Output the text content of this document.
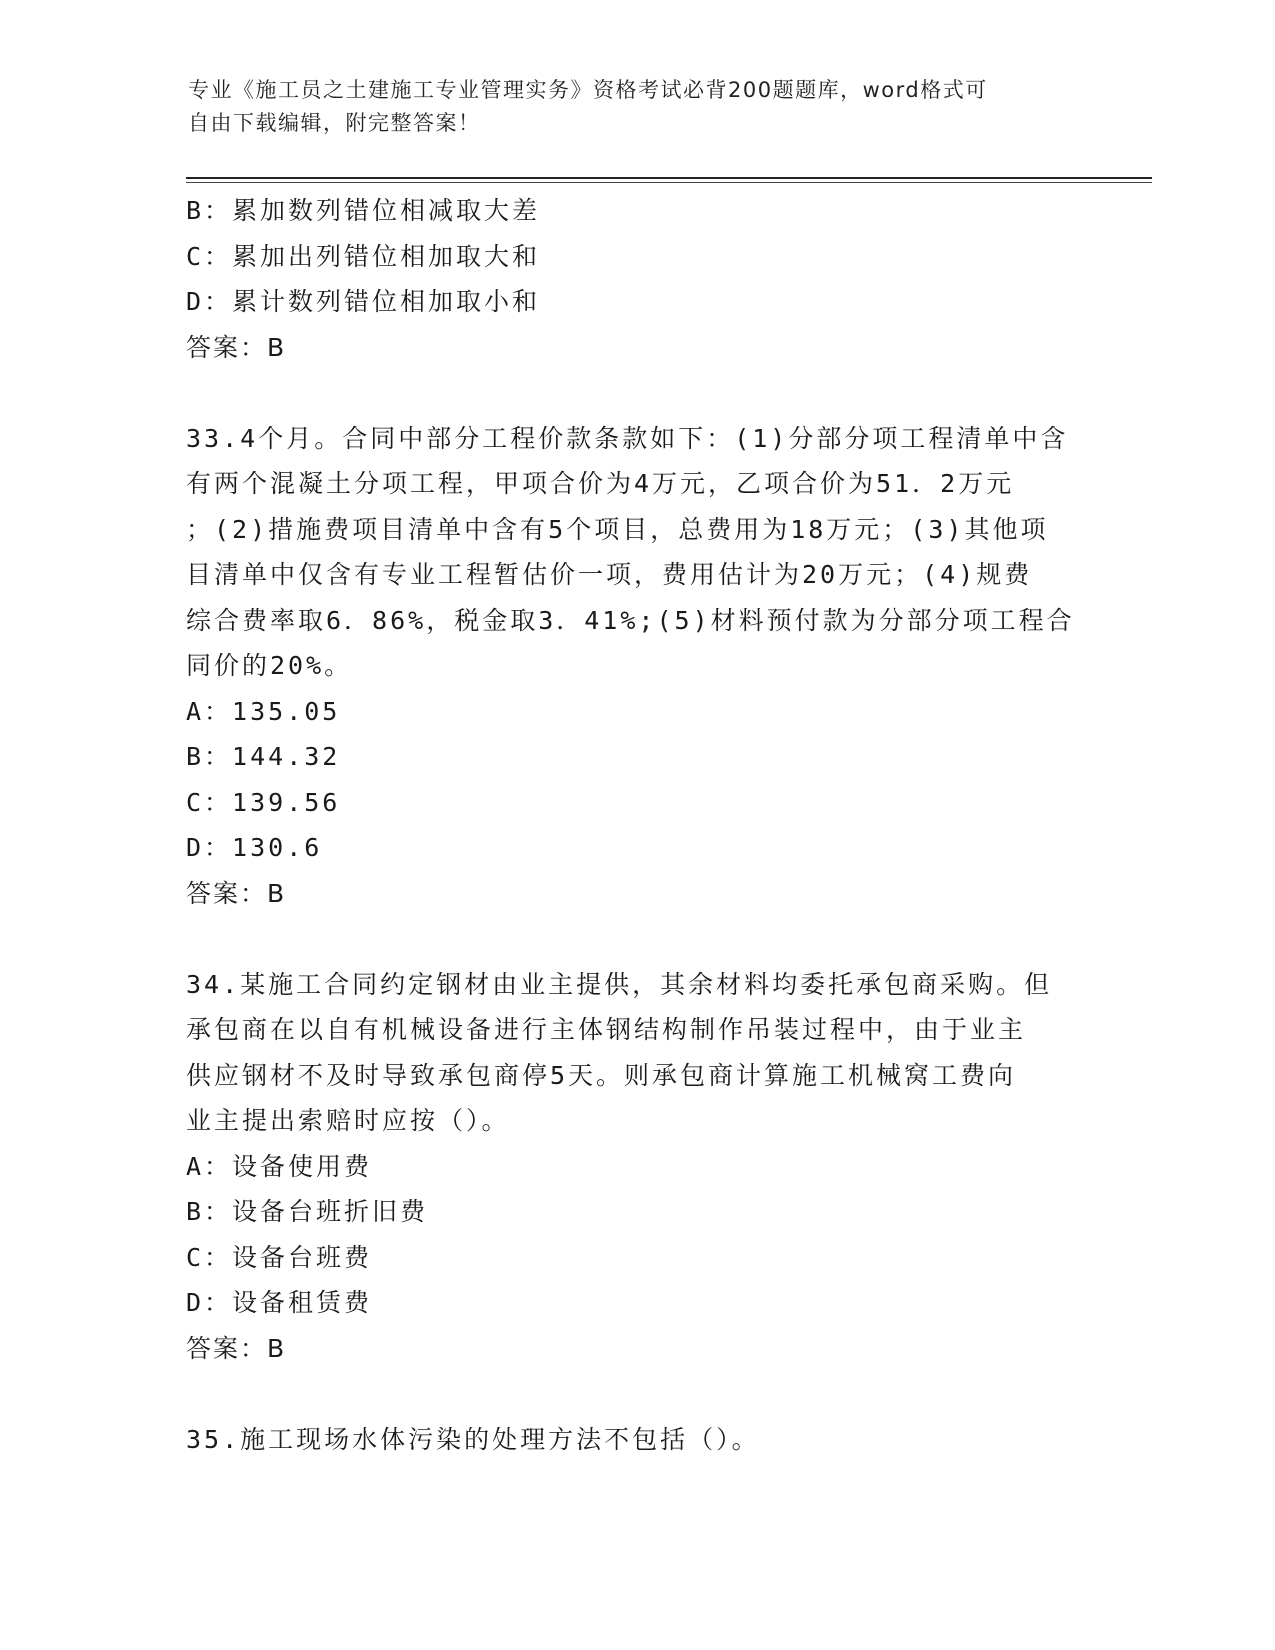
专业《施工员之土建施工专业管理实务》资格考试必背200题题库，word格式可
自由下载编辑，附完整答案！
B：累加数列错位相减取大差
C：累加出列错位相加取大和
D：累计数列错位相加取小和
答案：B
33.4个月。合同中部分工程价款条款如下：(1)分部分项工程清单中含
有两个混凝土分项工程，甲项合价为4万元，乙项合价为51．2万元
；(2)措施费项目清单中含有5个项目，总费用为18万元；(3)其他项
目清单中仅含有专业工程暂估价一项，费用估计为20万元；(4)规费
综合费率取6．86%，税金取3．41%;(5)材料预付款为分部分项工程合
同价的20%。
A：135.05
B：144.32
C：139.56
D：130.6
答案：B
34.某施工合同约定钢材由业主提供，其余材料均委托承包商采购。但
承包商在以自有机械设备进行主体钢结构制作吊装过程中，由于业主
供应钢材不及时导致承包商停5天。则承包商计算施工机械窝工费向
业主提出索赔时应按（）。
A：设备使用费
B：设备台班折旧费
C：设备台班费
D：设备租赁费
答案：B
35.施工现场水体污染的处理方法不包括（）。
